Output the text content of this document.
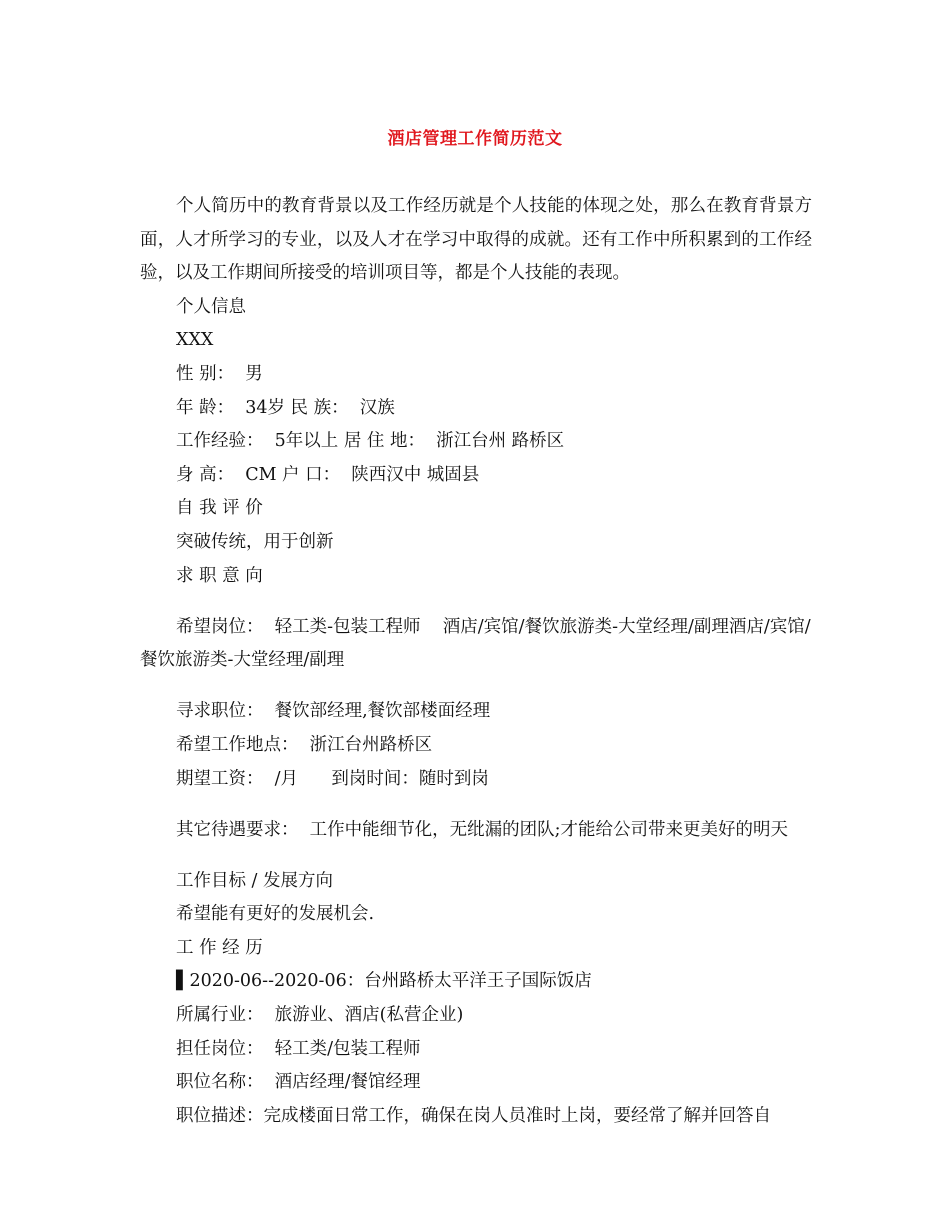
酒店管理工作简历范文

个人简历中的教育背景以及工作经历就是个人技能的体现之处，那么在教育背景方面，人才所学习的专业，以及人才在学习中取得的成就。还有工作中所积累到的工作经验，以及工作期间所接受的培训项目等，都是个人技能的表现。

个人信息

XXX

性 别：  男

年 龄：  34岁 民 族：  汉族

工作经验：  5年以上 居 住 地：  浙江台州 路桥区

身 高：  CM 户 口：  陕西汉中 城固县

自 我 评 价

突破传统，用于创新

求 职 意 向

希望岗位：  轻工类-包装工程师    酒店/宾馆/餐饮旅游类-大堂经理/副理酒店/宾馆/餐饮旅游类-大堂经理/副理

寻求职位：  餐饮部经理,餐饮部楼面经理

希望工作地点：  浙江台州路桥区

期望工资：  /月      到岗时间：随时到岗

其它待遇要求：  工作中能细节化，无纰漏的团队;才能给公司带来更美好的明天

工作目标 / 发展方向

希望能有更好的发展机会.

工 作 经 历

▌2020-06--2020-06：台州路桥太平洋王子国际饭店

所属行业：  旅游业、酒店(私营企业)

担任岗位：  轻工类/包装工程师

职位名称：  酒店经理/餐馆经理

职位描述：完成楼面日常工作，确保在岗人员准时上岗，要经常了解并回答自
